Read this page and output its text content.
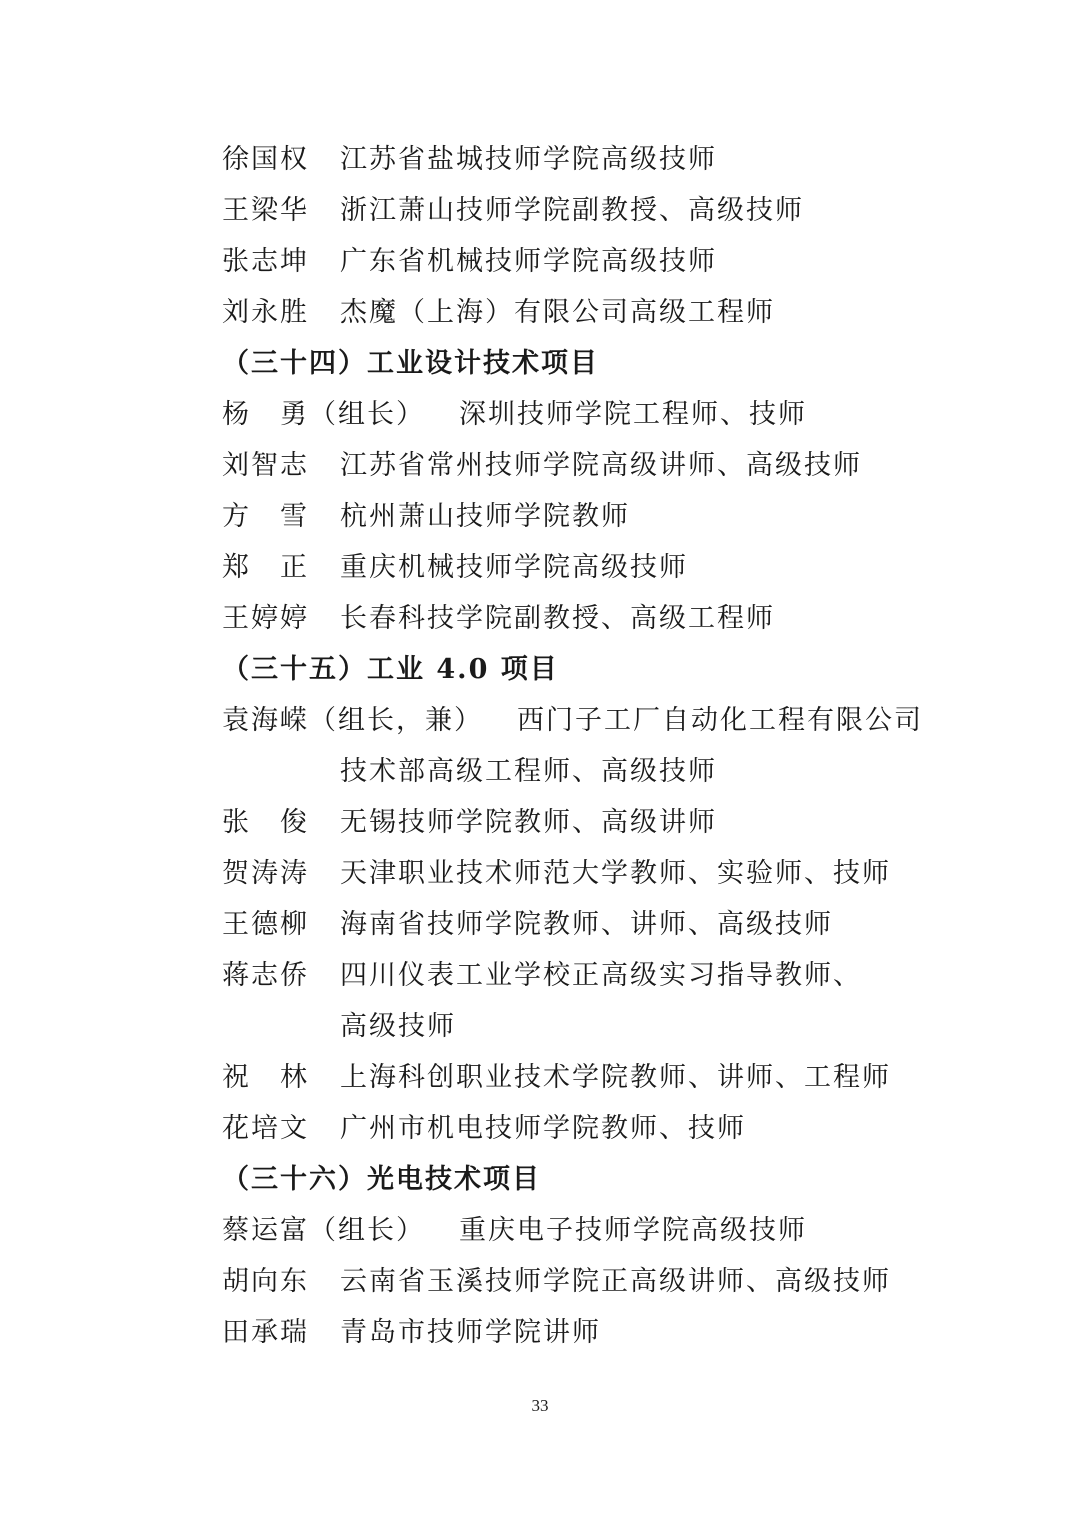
徐国权 江苏省盐城技师学院高级技师
王梁华 浙江萧山技师学院副教授、高级技师
张志坤 广东省机械技师学院高级技师
刘永胜 杰魔（上海）有限公司高级工程师
（三十四）工业设计技术项目
杨　勇（组长） 深圳技师学院工程师、技师
刘智志 江苏省常州技师学院高级讲师、高级技师
方　雪 杭州萧山技师学院教师
郑　正 重庆机械技师学院高级技师
王婷婷 长春科技学院副教授、高级工程师
（三十五）工业 4.0 项目
袁海嵘（组长，兼） 西门子工厂自动化工程有限公司
技术部高级工程师、高级技师
张　俊 无锡技师学院教师、高级讲师
贺涛涛 天津职业技术师范大学教师、实验师、技师
王德柳 海南省技师学院教师、讲师、高级技师
蒋志侨 四川仪表工业学校正高级实习指导教师、
高级技师
祝　林 上海科创职业技术学院教师、讲师、工程师
花培文 广州市机电技师学院教师、技师
（三十六）光电技术项目
蔡运富（组长） 重庆电子技师学院高级技师
胡向东 云南省玉溪技师学院正高级讲师、高级技师
田承瑞 青岛市技师学院讲师
33
